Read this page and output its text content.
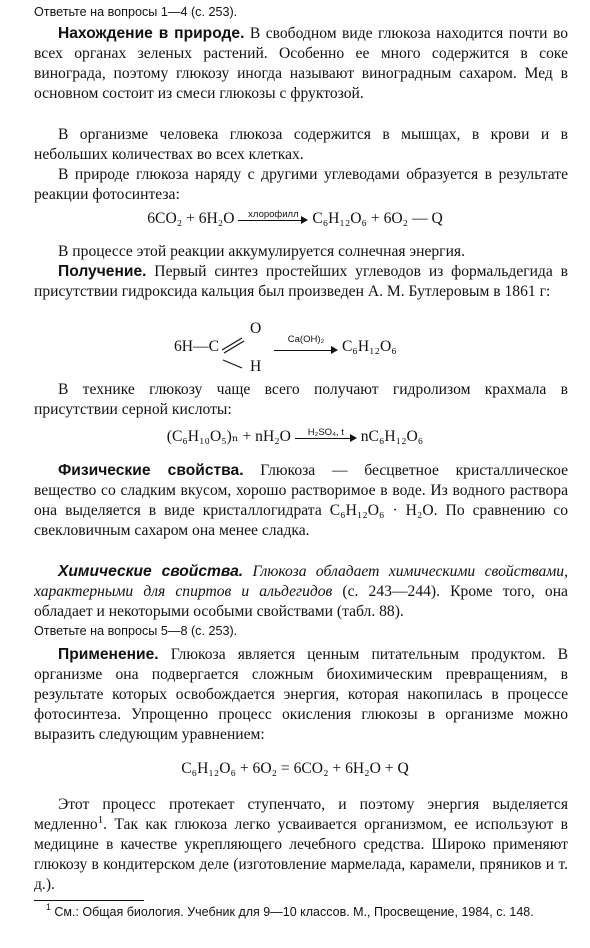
Ответьте на вопросы 1—4 (с. 253).
Нахождение в природе. В свободном виде глюкоза находится почти во всех органах зеленых растений. Особенно ее много содержится в соке винограда, поэтому глюкозу иногда называют виноградным сахаром. Мед в основном состоит из смеси глюкозы с фруктозой.
В организме человека глюкоза содержится в мышцах, в крови и в небольших количествах во всех клетках.
В природе глюкоза наряду с другими углеводами образуется в результате реакции фотосинтеза:
6CO₂ + 6H₂O	хлорофилл C₆H₁₂O₆ + 6O₂ — Q
В процессе этой реакции аккумулируется солнечная энергия.
Получение. Первый синтез простейших углеводов из формальдегида в присутствии гидроксида кальция был произведен А. М. Бутлеровым в 1861 г:
6H—C
O
H
Ca(OH)₂	C₆H₁₂O₆
В технике глюкозу чаще всего получают гидролизом крахмала в присутствии серной кислоты:
(C₆H₁₀O₅)ₙ + nH₂O	H₂SO₄, t	nC₆H₁₂O₆
Физические свойства. Глюкоза — бесцветное кристаллическое вещество со сладким вкусом, хорошо растворимое в воде. Из водного раствора она выделяется в виде кристаллогидрата C₆H₁₂O₆ · H₂O. По сравнению со свекловичным сахаром она менее сладка.
Химические свойства. Глюкоза обладает химическими свойствами, характерными для спиртов и альдегидов (с. 243—244). Кроме того, она обладает и некоторыми особыми свойствами (табл. 88).
Ответьте на вопросы 5—8 (с. 253).
Применение. Глюкоза является ценным питательным продуктом. В организме она подвергается сложным биохимическим превращениям, в результате которых освобождается энергия, которая накопилась в процессе фотосинтеза. Упрощенно процесс окисления глюкозы в организме можно выразить следующим уравнением:
C₆H₁₂O₆ + 6O₂ = 6CO₂ + 6H₂O + Q
Этот процесс протекает ступенчато, и поэтому энергия выделяется медленно$^1$. Так как глюкоза легко усваивается организмом, ее используют в медицине в качестве укрепляющего лечебного средства. Широко применяют глюкозу в кондитерском деле (изготовление мармелада, карамели, пряников и т. д.).
$^1$ См.: Общая биология. Учебник для 9—10 классов. М., Просвещение, 1984, с. 148.
